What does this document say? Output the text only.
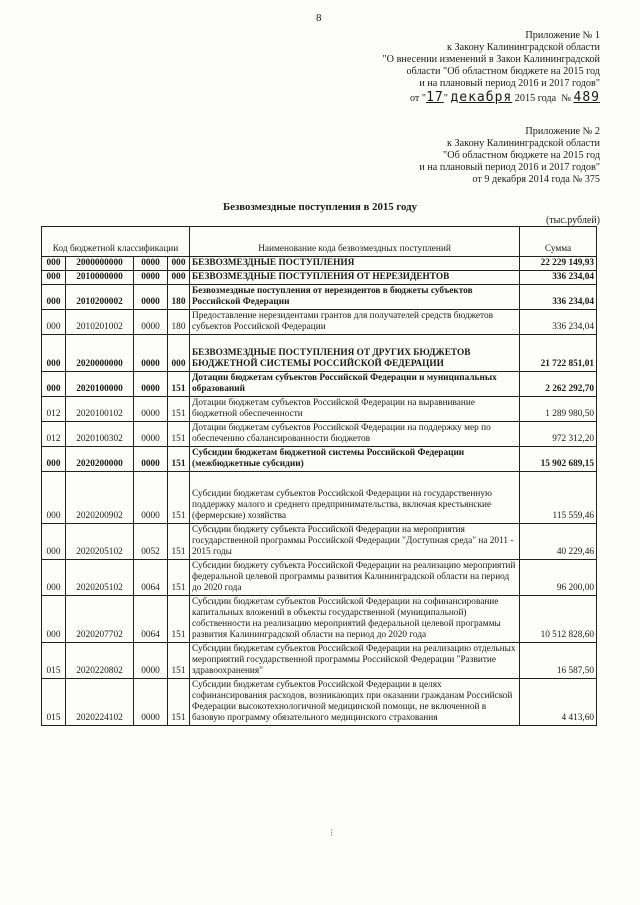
8
Приложение № 1
к Закону Калининградской области
"О внесении изменений в Закон Калининградской
области "Об областном бюджете на 2015 год
и на плановый период 2016 и 2017 годов"
от "17" декабря 2015 года № 489
Приложение № 2
к Закону Калининградской области
"Об областном бюджете на 2015 год
и на плановый период 2016 и 2017 годов"
от 9 декабря 2014 года № 375
Безвозмездные поступления в 2015 году
(тыс.рублей)
Код бюджетной классификации				Наименование кода безвозмездных поступлений	Сумма
000	2000000000	0000	000	БЕЗВОЗМЕЗДНЫЕ ПОСТУПЛЕНИЯ	22 229 149,93
000	2010000000	0000	000	БЕЗВОЗМЕЗДНЫЕ ПОСТУПЛЕНИЯ ОТ НЕРЕЗИДЕНТОВ	336 234,04
000	2010200002	0000	180	Безвозмездные поступления от нерезидентов в бюджеты субъектов Российской Федерации	336 234,04
000	2010201002	0000	180	Предоставление нерезидентами грантов для получателей средств бюджетов субъектов Российской Федерации	336 234,04
000	2020000000	0000	000	БЕЗВОЗМЕЗДНЫЕ ПОСТУПЛЕНИЯ ОТ ДРУГИХ БЮДЖЕТОВ БЮДЖЕТНОЙ СИСТЕМЫ РОССИЙСКОЙ ФЕДЕРАЦИИ	21 722 851,01
000	2020100000	0000	151	Дотации бюджетам субъектов Российской Федерации и муниципальных образований	2 262 292,70
012	2020100102	0000	151	Дотации бюджетам субъектов Российской Федерации на выравнивание бюджетной обеспеченности	1 289 980,50
012	2020100302	0000	151	Дотации бюджетам субъектов Российской Федерации на поддержку мер по обеспечению сбалансированности бюджетов	972 312,20
000	2020200000	0000	151	Субсидии бюджетам бюджетной системы Российской Федерации (межбюджетные субсидии)	15 902 689,15
000	2020200902	0000	151	Субсидии бюджетам субъектов Российской Федерации на государственную поддержку малого и среднего предпринимательства, включая крестьянские (фермерские) хозяйства	115 559,46
000	2020205102	0052	151	Субсидии бюджету субъекта Российской Федерации на мероприятия государственной программы Российской Федерации "Доступная среда" на 2011 - 2015 годы	40 229,46
000	2020205102	0064	151	Субсидии бюджету субъекта Российской Федерации на реализацию мероприятий федеральной целевой программы развития Калининградской области на период до 2020 года	96 200,00
000	2020207702	0064	151	Субсидии бюджетам субъектов Российской Федерации на софинансирование капитальных вложений в объекты государственной (муниципальной) собственности на реализацию мероприятий федеральной целевой программы развития Калининградской области на период до 2020 года	10 512 828,60
015	2020220802	0000	151	Субсидии бюджетам субъектов Российской Федерации на реализацию отдельных мероприятий государственной программы Российской Федерации "Развитие здравоохранения"	16 587,50
015	2020224102	0000	151	Субсидии бюджетам субъектов Российской Федерации в целях софинансирования расходов, возникающих при оказании гражданам Российской Федерации высокотехнологичной медицинской помощи, не включенной в базовую программу обязательного медицинского страхования	4 413,60
⁝
